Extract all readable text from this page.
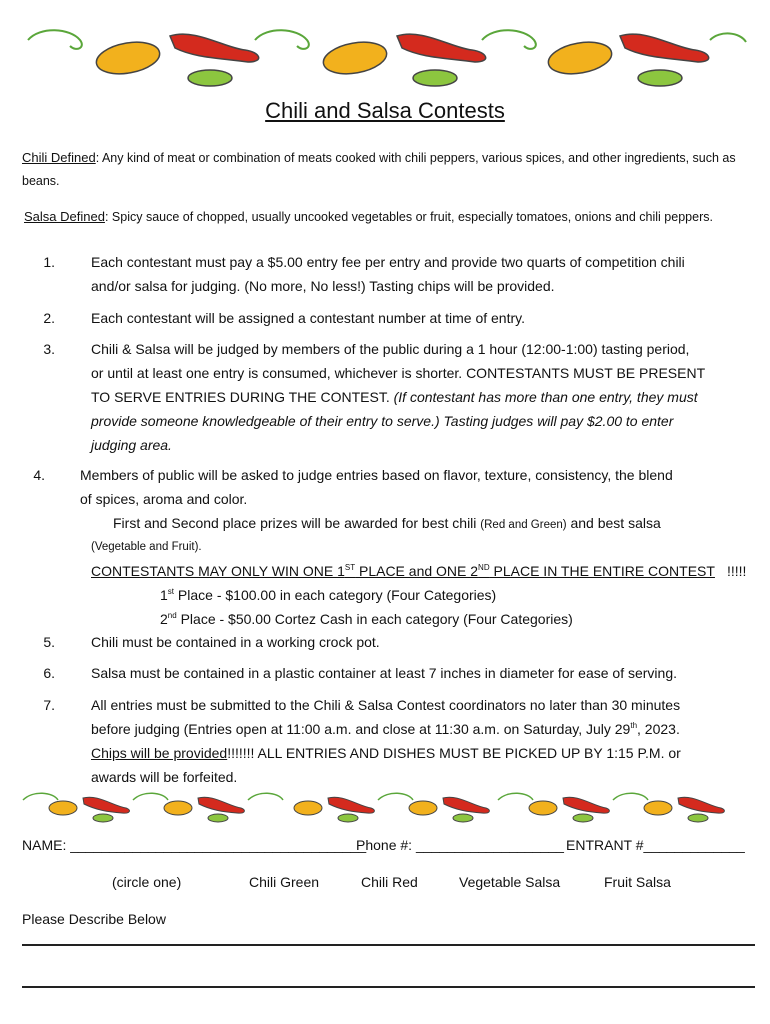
Chili and Salsa Contests
Chili Defined: Any kind of meat or combination of meats cooked with chili peppers, various spices, and other ingredients, such as beans.
Salsa Defined: Spicy sauce of chopped, usually uncooked vegetables or fruit, especially tomatoes, onions and chili peppers.
1.	Each contestant must pay a $5.00 entry fee per entry and provide two quarts of competition chili
and/or salsa for judging. (No more, No less!) Tasting chips will be provided.
2.	Each contestant will be assigned a contestant number at time of entry.
3.	Chili & Salsa will be judged by members of the public during a 1 hour (12:00-1:00) tasting period,
or until at least one entry is consumed, whichever is shorter. CONTESTANTS MUST BE PRESENT
TO SERVE ENTRIES DURING THE CONTEST. (If contestant has more than one entry, they must
provide someone knowledgeable of their entry to serve.) Tasting judges will pay $2.00 to enter
judging area.
4.	Members of public will be asked to judge entries based on flavor, texture, consistency, the blend
of spices, aroma and color.
First and Second place prizes will be awarded for best chili (Red and Green) and best salsa
(Vegetable and Fruit).
CONTESTANTS MAY ONLY WIN ONE 1ST PLACE and ONE 2ND PLACE IN THE ENTIRE CONTEST !!!!!
1st Place - $100.00 in each category (Four Categories)
2nd Place - $50.00 Cortez Cash in each category (Four Categories)
5.	Chili must be contained in a working crock pot.
6.	Salsa must be contained in a plastic container at least 7 inches in diameter for ease of serving.
7.	All entries must be submitted to the Chili & Salsa Contest coordinators no later than 30 minutes
before judging (Entries open at 11:00 a.m. and close at 11:30 a.m. on Saturday, July 29th, 2023.
Chips will be provided!!!!!!! ALL ENTRIES AND DISHES MUST BE PICKED UP BY 1:15 P.M. or
awards will be forfeited.
NAME: ______________________________________
Phone #: ___________________ ENTRANT #_____________
(circle one)	Chili Green	Chili Red	Vegetable Salsa	Fruit Salsa
Please Describe Below
